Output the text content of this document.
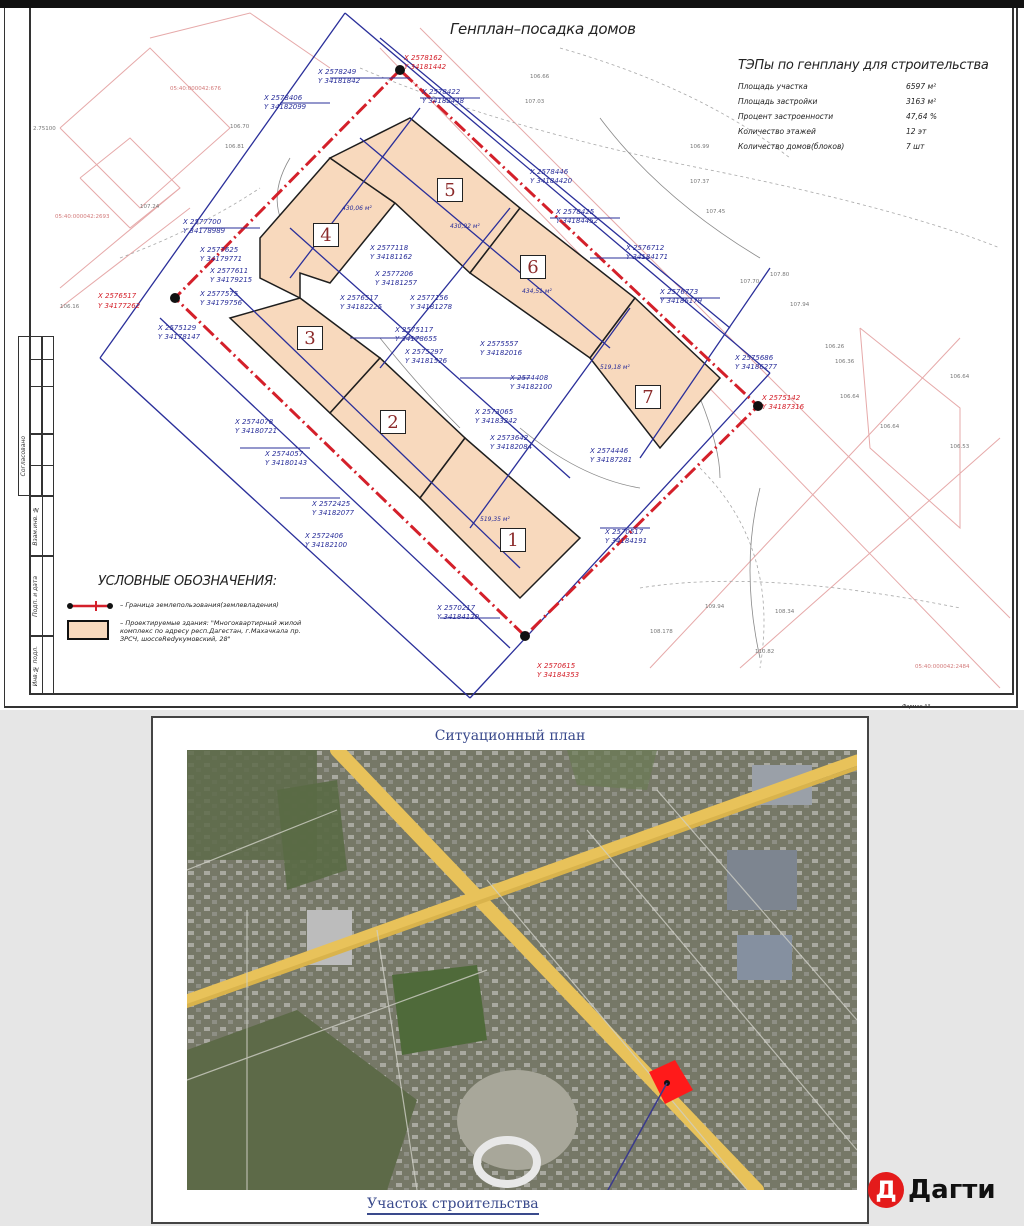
Согласовано
Взам.инв. №
Подп. и дата
Инв.№ подл.
X 2578249
Y 34181842
X 2578406
Y 34182099
X 2578422
Y 34182448
X 2578446
Y 34184420
X 2578425
Y 34184452
X 2577700
Y 34178989
X 2577625
Y 34179771
X 2577611
Y 34179215
X 2577575
Y 34179756
X 2577118
Y 34181162
X 2577206
Y 34181257
X 2577156
Y 34181278
X 2576517
Y 34182225
X 2576712
Y 34184171
X 2576773
Y 34186179
X 2575117
Y 34178655
X 2575297
Y 34181526
X 2575557
Y 34182016
X 2574408
Y 34182100
X 2575129
Y 34178147
X 2574078
Y 34180721
X 2574057
Y 34180143
X 2573065
Y 34183242
X 2573642
Y 34182084
X 2572425
Y 34182077
X 2572406
Y 34182100
X 2574446
Y 34187281
X 2570517
Y 34184191
X 2570217
Y 34184120
X 2575686
Y 34186277
X 2578162
Y 34181442
X 2576517
Y 34177262
X 2575142
Y 34187316
X 2570615
Y 34184353
106.66
107.03
106.99
107.37
107.45
107.70
107.80
107.94
106.26
106.36
106.64
106.64
106.70
106.81
107.24
106.16
108.34
110.82
108.178
109.94
106.64
106.53
2.75100
05:40:000042:676
05:40:000042:2693
05:40:000042:2484
430,06 м²
430,92 м²
434,51 м²
519,18 м²
519,35 м²
4
5
6
7
3
2
1
Генплан–посадка домов
ТЭПы по генплану для строительства
Площадь участка	6597 м²
Площадь застройки	3163 м²
Процент застроенности	47,64 %
Количество этажей	12 эт
Количество домов(блоков)	7 шт
УСЛОВНЫЕ ОБОЗНАЧЕНИЯ:
– Граница землепользования(землевладения)
– Проектируемые здания: "Многоквартирный жилой комплекс по адресу респ.Дагестан, г.Махачкала пр. ЗРСЧ, шоссеRedукумовский, 28"
Формат A3
Ситуационный план
Участок строительства	Д Дагти
